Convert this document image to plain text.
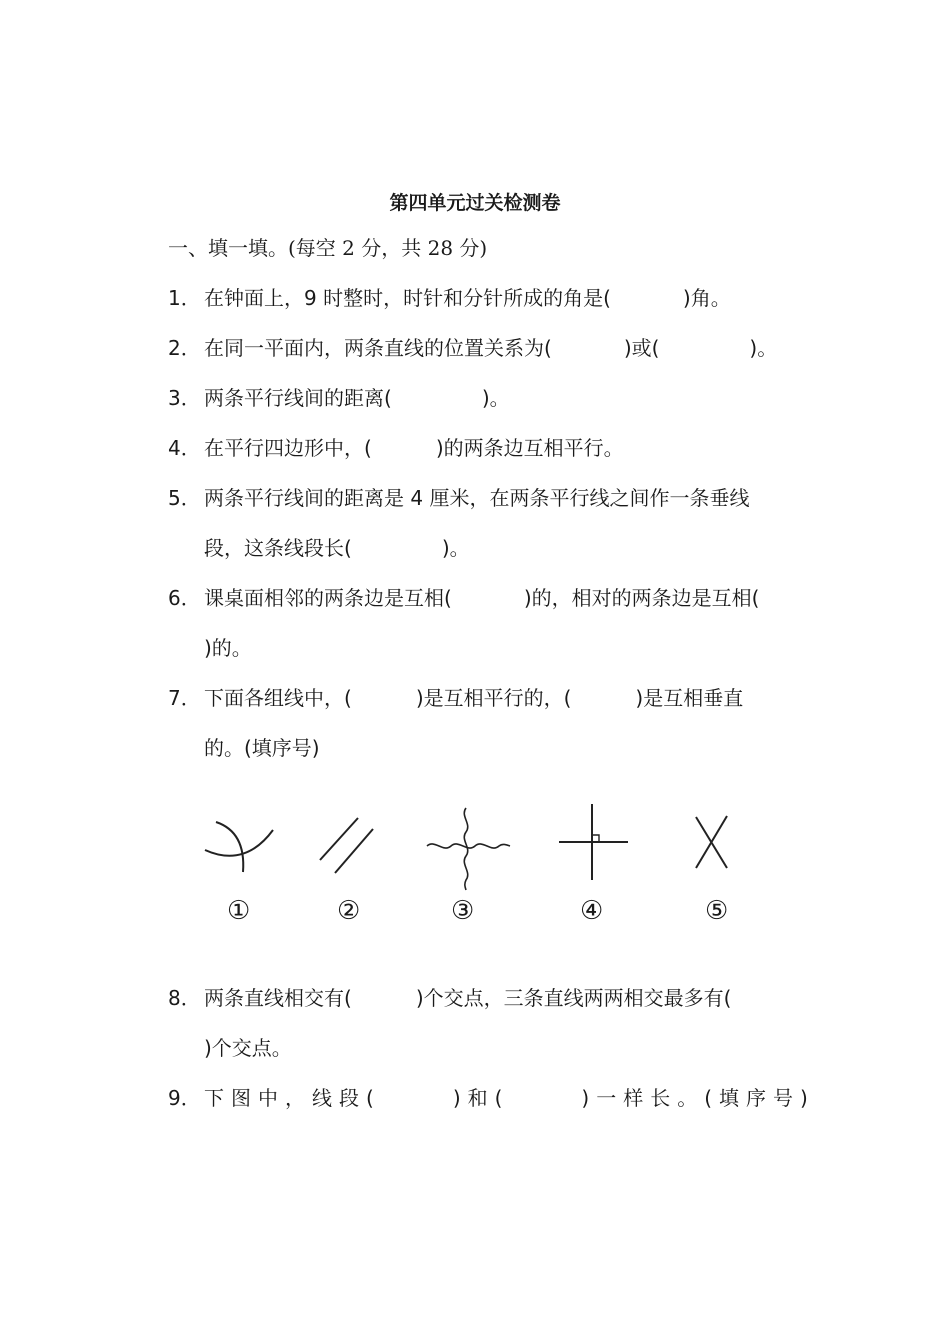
第四单元过关检测卷
一、填一填。(每空 2 分，共 28 分)
1． 在钟面上，9 时整时，时针和分针所成的角是(	)角。
2． 在同一平面内，两条直线的位置关系为(	)或(	)。
3． 两条平行线间的距离(	)。
4． 在平行四边形中，(	)的两条边互相平行。
5． 两条平行线间的距离是 4 厘米，在两条平行线之间作一条垂线
段，这条线段长(	)。
6． 课桌面相邻的两条边是互相(	)的，相对的两条边是互相(
)的。
7． 下面各组线中，(	)是互相平行的，(	)是互相垂直
的。(填序号)
①	②	③	④	⑤
8． 两条直线相交有(	)个交点，三条直线两两相交最多有(
)个交点。
9． 下图中，线段(	)和(	)一样长。(填序号)
